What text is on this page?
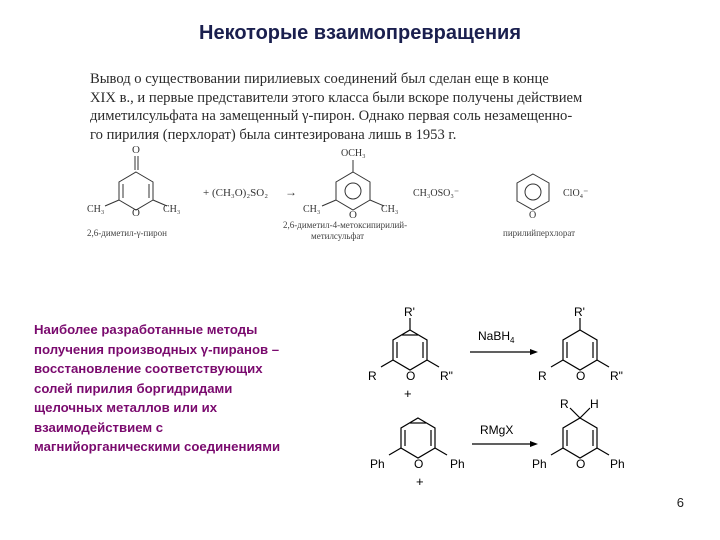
Некоторые взаимопревращения
Вывод о существовании пирилиевых соединений был сделан еще в конце
XIX в., и первые представители этого класса были вскоре получены действием
диметилсульфата на замещенный γ-пирон. Однако первая соль незамещенно-
го пирилия (перхлорат) была синтезирована лишь в 1953 г.
O
O
CH₃	CH₃
+ (CH₃O)₂SO₂ →
OCH₃
O
CH₃	CH₃
CH₃OSO₃⁻
O
ClO₄⁻
2,6-диметил-γ-пирон
2,6-диметил-4-метоксипирилий-
метилсульфат	пирилийперхлорат
Наиболее разработанные методы
получения производных γ-пиранов –
восстановление соответствующих
солей пирилия боргидридами
щелочных металлов или их
взаимодействием с
магнийорганическими соединениями
R'
R O R"
+
NaBH$_4$
R'
R O R"
Ph O Ph
+
RMgX
R H
Ph O Ph
6
